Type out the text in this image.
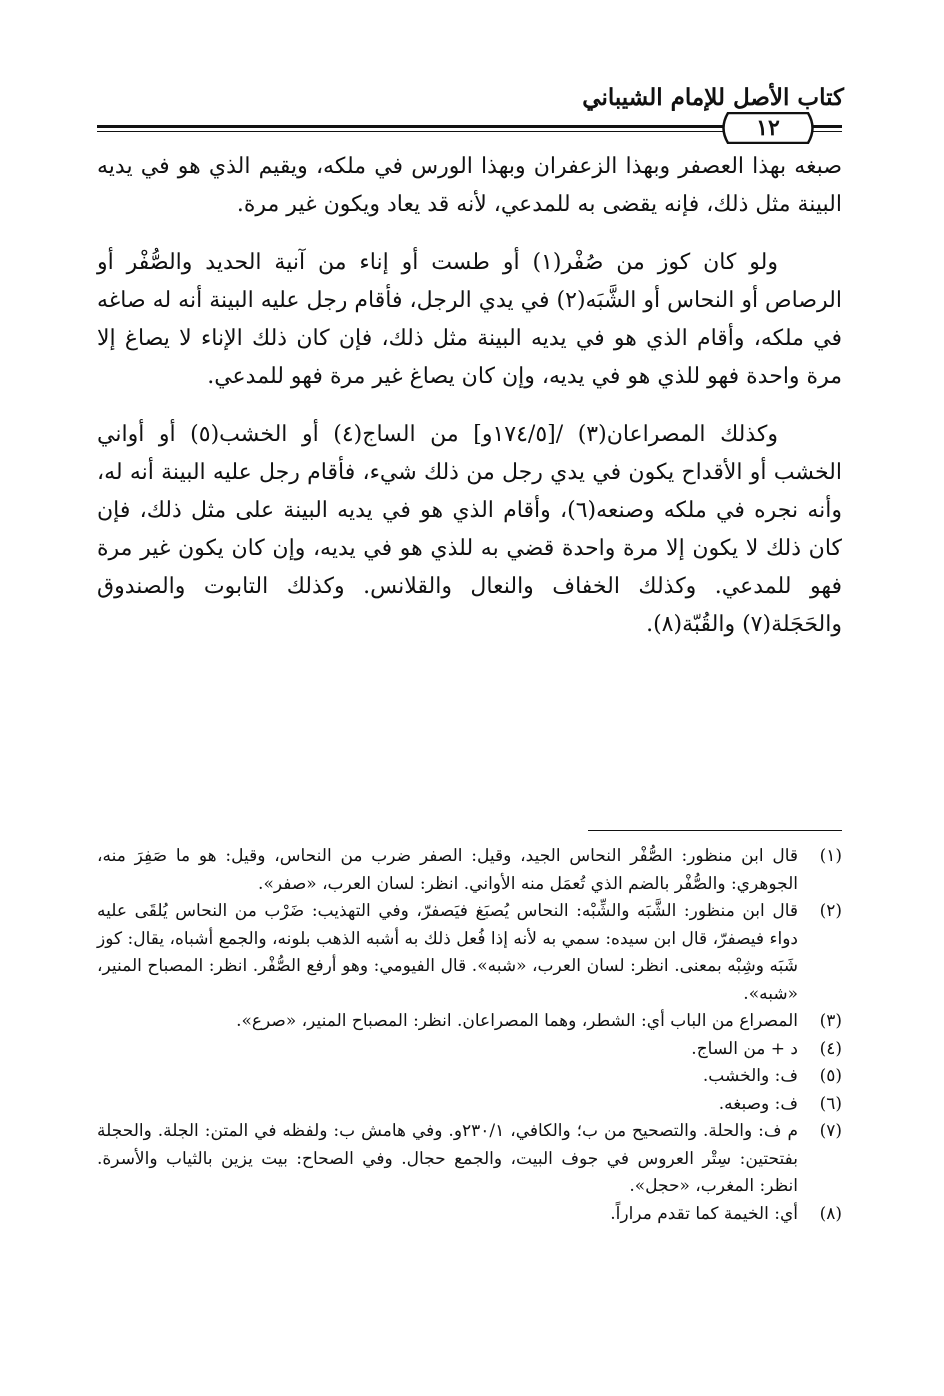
كتاب الأصل للإمام الشيباني
١٢

صبغه بهذا العصفر وبهذا الزعفران وبهذا الورس في ملكه، ويقيم الذي هو في يديه البينة مثل ذلك، فإنه يقضى به للمدعي، لأنه قد يعاد ويكون غير مرة.

ولو كان كوز من صُفْر(١) أو طست أو إناء من آنية الحديد والصُّفْر أو الرصاص أو النحاس أو الشَّبَه(٢) في يدي الرجل، فأقام رجل عليه البينة أنه له صاغه في ملكه، وأقام الذي هو في يديه البينة مثل ذلك، فإن كان ذلك الإناء لا يصاغ إلا مرة واحدة فهو للذي هو في يديه، وإن كان يصاغ غير مرة فهو للمدعي.

وكذلك المصراعان(٣) /[١٧٤/٥و] من الساج(٤) أو الخشب(٥) أو أواني الخشب أو الأقداح يكون في يدي رجل من ذلك شيء، فأقام رجل عليه البينة أنه له، وأنه نجره في ملكه وصنعه(٦)، وأقام الذي هو في يديه البينة على مثل ذلك، فإن كان ذلك لا يكون إلا مرة واحدة قضي به للذي هو في يديه، وإن كان يكون غير مرة فهو للمدعي. وكذلك الخفاف والنعال والقلانس. وكذلك التابوت والصندوق والحَجَلة(٧) والقُبّة(٨).

(١)
قال ابن منظور: الصُّفْر النحاس الجيد، وقيل: الصفر ضرب من النحاس، وقيل: هو ما صَفِرَ منه، الجوهري: والصُّفْر بالضم الذي تُعمَل منه الأواني. انظر: لسان العرب، «صفر».
(٢)
قال ابن منظور: الشَّبَه والشِّبْه: النحاس يُصبَغ فيَصفرّ، وفي التهذيب: ضَرْب من النحاس يُلقَى عليه دواء فيصفرّ، قال ابن سيده: سمي به لأنه إذا فُعل ذلك به أشبه الذهب بلونه، والجمع أشباه، يقال: كوز شَبَه وشِبْه بمعنى. انظر: لسان العرب، «شبه». قال الفيومي: وهو أرفع الصُّفْر. انظر: المصباح المنير، «شبه».
(٣)
المصراع من الباب أي: الشطر، وهما المصراعان. انظر: المصباح المنير، «صرع».
(٤)
د + من الساج.
(٥)
ف: والخشب.
(٦)
ف: وصبغه.
(٧)
م ف: والحلة. والتصحيح من ب؛ والكافي، ٢٣٠/١و. وفي هامش ب: ولفظه في المتن: الجلة. والحجلة بفتحتين: سِتْر العروس في جوف البيت، والجمع حجال. وفي الصحاح: بيت يزين بالثياب والأسرة. انظر: المغرب، «حجل».
(٨)
أي: الخيمة كما تقدم مراراً.
